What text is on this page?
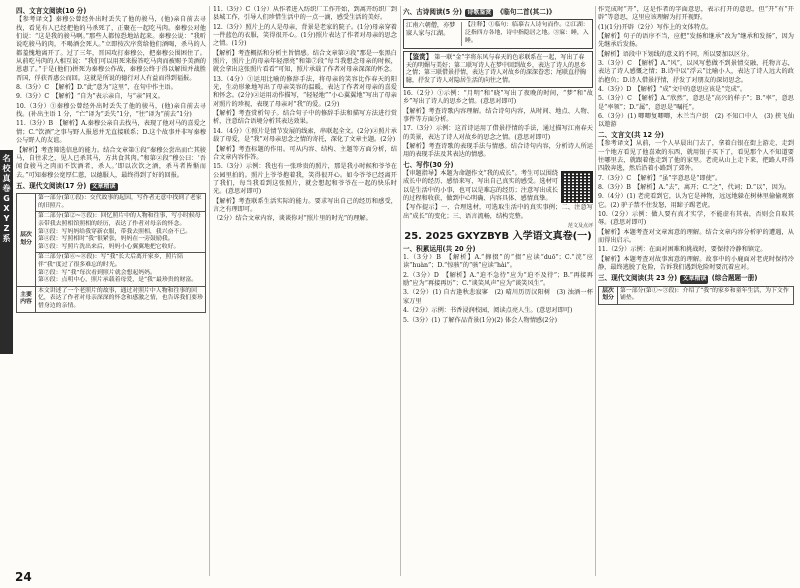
名
校
真
卷
G
X
Y
Z
系
四、文言文阅读(10 分)

【参考译文】秦穆公曾经外出时丢失了他的骏马，(他)亲自前去寻找，看见有人已经把他的马杀死了，正聚在一起吃马肉。秦穆公对他们说：“这是我的骏马啊。”那些人都惊恐地站起来。秦穆公说：“我听说吃骏马的肉，不喝酒会死人。”立即按次序赏给他们酒喝，杀马的人都羞愧地离开了。过了三年，晋国攻打秦穆公，把秦穆公围困住了。从前吃马肉的人相互说：“我们可以用死来报答吃马肉而被赐予美酒的恩惠了。”于是(他们)拼死为秦穆公作战，秦穆公终于得以解围并战胜晋国，俘获晋惠公而回。这就是所说的德行对人有益而得到福报。

8.（3分）C　【解析】D.“此”意为“这里”，在句中作主语。

9.（3分）C　【解析】“自为”表示亲自，与“亲”同义。

10.（3分）①秦穆公曾经外出时丢失了他的骏马，(他)亲自前去寻找。(补出主语 1 分，“亡”译为“丢失”1分，“往”译为“前去”1分)

11.（3分）B　【解析】A.秦穆公亲自去找马，表现了他对马的喜爱之情；C.“饮酒”之事与野人报恩并无直接联系；D.这个故事并非写秦穆公与野人的友谊。

【解析】考查筛选信息的能力。结合文章第①段“秦穆公尝出而亡其骏马，自往求之，见人已杀其马，方共食其肉。”和第②段“穆公曰：‘吾闻食骏马之肉而不饮酒者，杀人。’即以次饮之酒，杀马者皆惭而去。”可知秦穆公宽厚仁慈，以德服人，最终得到了好的回报。

五、现代文阅读(17 分) 文章精读
层次划分	第一部分(第①段)：交代故事的起因，写作者无意中找到了老家的旧照片。
	第二部分(第②~⑤段)：回忆照片中的人物和往事，写小时候母亲带我去照相馆照相的经历，表达了作者对母亲的怀念。
第③段：写妈妈给我穿新衣服，带我去照相，我兴奋不已。
第④段：写照相时“我”很紧张，妈妈在一旁鼓励我。
第⑤段：写照片洗出来后，妈妈小心翼翼地把它收好。
	第三部分(第⑥~⑧段)：写“我”长大后离开家乡，照片陪伴“我”度过了很多难忘的时光。
第⑦段：写“我”每次看到照片就会想起妈妈。
第⑧段：点明中心，照片承载着母爱，是“我”最珍贵的财富。
主要内容	本文讲述了一个老照片的故事，通过对照片中人物和往事的回忆，表达了作者对母亲深深的怀念和感激之情，也告诉我们要珍惜身边的亲情。

11.（3分）C（1分）从作者进入纺织厂工作开始，到离开纺织厂到县城工作，引导人们珍惜生活中的一点一滴，感受生活的美好。

12.（3分）照片上的人是母亲，背景是老家的院子。(1分)母亲穿着一件蓝色的衣服，笑得很开心。(1分)照片表达了作者对母亲的思念之情。(1分)

【解析】考查概括和分析主旨情感。结合文章第②段“那是一张黑白照片，照片上的母亲年轻漂亮”和第⑦段“每当我想念母亲的时候，就会拿出这张照片看看”可知，照片承载了作者对母亲深深的怀念。

13.（4分）①运用比喻的修辞手法，将母亲的笑容比作春天的阳光，生动形象地写出了母亲笑容的温暖，表达了作者对母亲的喜爱和怀念。(2分)②运用动作描写，“轻轻地”“小心翼翼地”写出了母亲对照片的珍视，表现了母亲对“我”的爱。(2分)

【解析】考查赏析句子。结合句子中的修辞手法和描写方法进行赏析，注意结合语境分析其表达效果。

14.（4分）①照片是情节发展的线索，串联起全文。(2分)②照片承载了母爱，是“我”对母亲思念之情的寄托，深化了文章主题。(2分)

【解析】考查标题的作用。可从内容、结构、主题等方面分析，结合文章内容作答。

15.（3分）示例：我也有一张珍贵的照片，那是我小时候和爷爷在公园里拍的。照片上爷爷抱着我，笑得很开心。如今爷爷已经离开了我们，每当我看到这张照片，就会想起和爷爷在一起的快乐时光。(意思对即可)

【解析】考查联系生活实际的能力。要求写出自己的经历和感受，言之有理即可。

（2分）结合文章内容，谈谈你对“照片里的时光”的理解。

六、古诗阅读(5 分) 诗歌鉴赏 《临句二首(其二)》
江南六朝僧，亦梦寐人家与江湖。
【注释】①临句：临摹古人诗句而作。②江湖：泛指四方各地，诗中指隐居之地。③寐：睡，入睡。
【鉴赏】 第一联“金”字将东风与春天的色彩联系在一起，写出了春天的明媚与美好；第二联写诗人在梦中回到故乡，表达了诗人的思乡之情；第三联借景抒情，表达了诗人对故乡的深深眷恋；尾联直抒胸臆，抒发了诗人对隐居生活的向往之情。

16.（2分）①示例：“月明”和“晓”写出了夜晚的时间，“梦”和“故乡”写出了诗人的思乡之情。(意思对即可)

【解析】考查诗歌内容理解。结合诗句内容，从时间、地点、人物、事件等方面分析。

17.（3分）示例：这首诗运用了借景抒情的手法，通过描写江南春天的美景，表达了诗人对故乡的思念之情。(意思对即可)

【解析】考查诗歌的表现手法与情感。结合诗句内容，分析诗人所运用的表现手法及其表达的情感。

七、写作(30 分)

【审题指导】本题为命题作文“我的成长”。考生可以围绕成长中的经历、感悟来写，写出自己真实的感受。选材可以是生活中的小事，也可以是难忘的经历；注意写出成长的过程和收获，做到中心明确、内容具体、感情真挚。

【写作提示】一、合理选材，可选取生活中的真实事例；二、注意写出“成长”的变化；三、语言流畅，结构完整。

范文及点评
25. 2025 GXYZBYB 入学语文真卷(一)
一、积累运用(共 20 分)

1.（3分）B　【解析】A.“撺掇”的“掇”应读“duō”；C.“浣”应读“huàn”；D.“惊骇”的“骇”应读“hài”。

2.（3分）D　【解析】A.“迫不急待”应为“迫不及待”；B.“再接再励”应为“再接再厉”；C.“谈笑风声”应为“谈笑风生”。

3.（2分）(1) 自古逢秋悲寂寥　(2) 晴川历历汉阳树　(3) 浊酒一杯家万里

4.（2分）示例：书香浸润校园，阅读点亮人生。(意思对即可)

5.（3分）(1) 了解作品背景(1分)(2) 体会人物情感(2分)

作完成时“开”，这是作者的字面意思，表示打开的意思，但“开”有“开辟”等意思，这里应该理解为打开视野。

(1)(1分)开辟（2分）写作上的文体特点。

【解析】句子的语序不当，应把“发扬和继承”改为“继承和发扬”，因为先继承后发扬。

【解析】语段中下划线的意义的不同，所以要加以区分。

3.（3分）C　【解析】A.“风”，以风写愁做不到景情交融，托物言志，表达了诗人感慨之情；B.诗中以“浮云”比喻小人，表达了诗人远大的政治抱负；D.诗人借景抒情，抒发了对朋友的深切思念。

4.（3分）D　【解析】“成”文中的意思应该是“完成”。

5.（3分）C　【解析】A.“欣然”，意思是“高兴的样子”；B.“率”，意思是“率领”；D.“属”，意思是“嘱托”。

6.（3分）(1) 唧唧复唧唧，木兰当户织　(2) 不知口中人　(3) 挟飞仙以遨游

二、文言文(共 12 分)

【参考译文】从前，一个人早晨出门去了，拿着白银在街上游走，走到一个地方看见了他喜欢的东西，就用银子买下了，看见那个人不知道要往哪里去，就跟着他走到了他的家里。老虎从山上走下来，把路人吓得四散奔逃，然后沿着小路到了郊外。

7.（3分）C　【解析】“虽”字意思是“即使”。

8.（3分）B　【解析】A.“去”，离开；C.“之”，代词；D.“以”，因为。

9.（4分）(1) 老虎看到它，认为它是神物，远远地躲在树林里偷偷观察它。(2) 驴子禁不住发怒，用蹄子踢老虎。

10.（2分）示例：做人要有真才实学，不能虚有其表，否则会自取其辱。(意思对即可)

【解析】本题考查对文章寓意的理解。结合文章内容分析驴的遭遇，从而得出启示。

11.（2分）示例：在面对困难和挑战时，要保持冷静和镇定。

【解析】本题考查对故事寓意的理解。故事中的小鹿面对老虎时保持冷静，最终逃脱了危险，告诉我们遇到危险时要沉着应对。

三、现代文阅读(共 23 分) 文章精读 (综合题题一册)
层次划分	第一部分(第①~③段)：介绍了“我”的家乡和童年生活，为下文作铺垫。
24
